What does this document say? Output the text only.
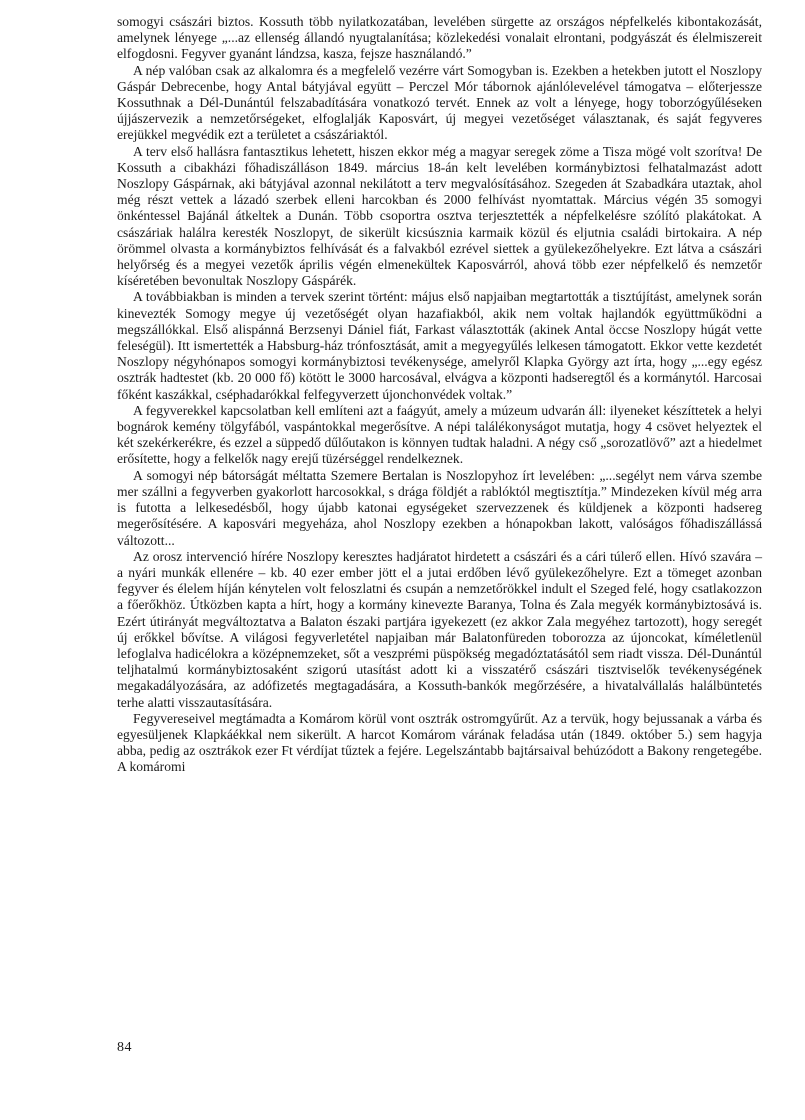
somogyi császári biztos. Kossuth több nyilatkozatában, levelében sürgette az országos népfelkelés kibontakozását, amelynek lényege „...az ellenség állandó nyugtalanítása; közlekedési vonalait elrontani, podgyászát és élelmiszereit elfogdosni. Fegyver gyanánt lándzsa, kasza, fejsze használandó.”

A nép valóban csak az alkalomra és a megfelelő vezérre várt Somogyban is. Ezekben a hetekben jutott el Noszlopy Gáspár Debrecenbe, hogy Antal bátyjával együtt – Perczel Mór tábornok ajánlólevelével támogatva – előterjessze Kossuthnak a Dél-Dunántúl felszabadítására vonatkozó tervét. Ennek az volt a lényege, hogy toborzógyűléseken újjászervezik a nemzetőrségeket, elfoglalják Kaposvárt, új megyei vezetőséget választanak, és saját fegyveres erejükkel megvédik ezt a területet a császáriaktól.

A terv első hallásra fantasztikus lehetett, hiszen ekkor még a magyar seregek zöme a Tisza mögé volt szorítva! De Kossuth a cibakházi főhadiszálláson 1849. március 18-án kelt levelében kormánybiztosi felhatalmazást adott Noszlopy Gáspárnak, aki bátyjával azonnal nekilátott a terv megvalósításához. Szegeden át Szabadkára utaztak, ahol még részt vettek a lázadó szerbek elleni harcokban és 2000 felhívást nyomtattak. Március végén 35 somogyi önkéntessel Bajánál átkeltek a Dunán. Több csoportra osztva terjesztették a népfelkelésre szólító plakátokat. A császáriak halálra keresték Noszlopyt, de sikerült kicsúsznia karmaik közül és eljutnia családi birtokaira. A nép örömmel olvasta a kormánybiztos felhívását és a falvakból ezrével siettek a gyülekezőhelyekre. Ezt látva a császári helyőrség és a megyei vezetők április végén elmenekültek Kaposvárról, ahová több ezer népfelkelő és nemzetőr kíséretében bevonultak Noszlopy Gáspárék.

A továbbiakban is minden a tervek szerint történt: május első napjaiban megtartották a tisztújítást, amelynek során kinevezték Somogy megye új vezetőségét olyan hazafiakból, akik nem voltak hajlandók együttműködni a megszállókkal. Első alispánná Berzsenyi Dániel fiát, Farkast választották (akinek Antal öccse Noszlopy húgát vette feleségül). Itt ismertették a Habsburg-ház trónfosztását, amit a megyegyűlés lelkesen támogatott. Ekkor vette kezdetét Noszlopy négyhónapos somogyi kormánybiztosi tevékenysége, amelyről Klapka György azt írta, hogy „...egy egész osztrák hadtestet (kb. 20 000 fő) kötött le 3000 harcosával, elvágva a központi hadseregtől és a kormánytól. Harcosai főként kaszákkal, cséphadarókkal felfegyverzett újonchonvédek voltak.”

A fegyverekkel kapcsolatban kell említeni azt a faágyút, amely a múzeum udvarán áll: ilyeneket készíttetek a helyi bognárok kemény tölgyfából, vaspántokkal megerősítve. A népi találékonyságot mutatja, hogy 4 csövet helyeztek el két szekérkerékre, és ezzel a süppedő dűlőutakon is könnyen tudtak haladni. A négy cső „sorozatlövő” azt a hiedelmet erősítette, hogy a felkelők nagy erejű tüzérséggel rendelkeznek.

A somogyi nép bátorságát méltatta Szemere Bertalan is Noszlopyhoz írt levelében: „...segélyt nem várva szembe mer szállni a fegyverben gyakorlott harcosokkal, s drága földjét a rablóktól megtisztítja.” Mindezeken kívül még arra is futotta a lelkesedésből, hogy újabb katonai egységeket szervezzenek és küldjenek a központi hadsereg megerősítésére. A kaposvári megyeháza, ahol Noszlopy ezekben a hónapokban lakott, valóságos főhadiszállássá változott...

Az orosz intervenció hírére Noszlopy keresztes hadjáratot hirdetett a császári és a cári túlerő ellen. Hívó szavára – a nyári munkák ellenére – kb. 40 ezer ember jött el a jutai erdőben lévő gyülekezőhelyre. Ezt a tömeget azonban fegyver és élelem híján kénytelen volt feloszlatni és csupán a nemzetőrökkel indult el Szeged felé, hogy csatlakozzon a főerőkhöz. Útközben kapta a hírt, hogy a kormány kinevezte Baranya, Tolna és Zala megyék kormánybiztosává is. Ezért útirányát megváltoztatva a Balaton északi partjára igyekezett (ez akkor Zala megyéhez tartozott), hogy seregét új erőkkel bővítse. A világosi fegyverletétel napjaiban már Balatonfüreden toborozza az újoncokat, kíméletlenül lefoglalva hadicélokra a középnemzeket, sőt a veszprémi püspökség megadóztatásától sem riadt vissza. Dél-Dunántúl teljhatalmú kormánybiztosaként szigorú utasítást adott ki a visszatérő császári tisztviselők tevékenységének megakadályozására, az adófizetés megtagadására, a Kossuth-bankók megőrzésére, a hivatalvállalás halálbüntetés terhe alatti visszautasítására.

Fegyvereseivel megtámadta a Komárom körül vont osztrák ostromgyűrűt. Az a tervük, hogy bejussanak a várba és egyesüljenek Klapkáékkal nem sikerült. A harcot Komárom várának feladása után (1849. október 5.) sem hagyja abba, pedig az osztrákok ezer Ft vérdíjat tűztek a fejére. Legelszántabb bajtársaival behúzódott a Bakony rengetegébe. A komáromi

84
